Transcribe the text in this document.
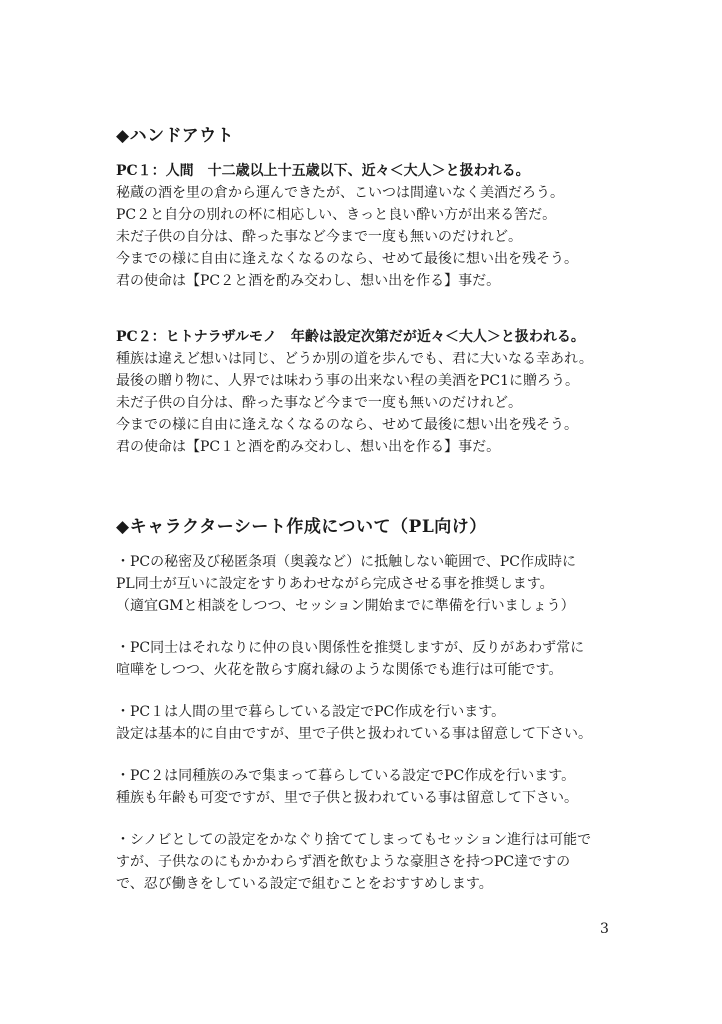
◆ハンドアウト
PC１：人間　十二歳以上十五歳以下、近々＜大人＞と扱われる。
秘蔵の酒を里の倉から運んできたが、こいつは間違いなく美酒だろう。
PC２と自分の別れの杯に相応しい、きっと良い酔い方が出来る筈だ。
未だ子供の自分は、酔った事など今まで一度も無いのだけれど。
今までの様に自由に逢えなくなるのなら、せめて最後に想い出を残そう。
君の使命は【PC２と酒を酌み交わし、想い出を作る】事だ。
PC２：ヒトナラザルモノ　年齢は設定次第だが近々＜大人＞と扱われる。
種族は違えど想いは同じ、どうか別の道を歩んでも、君に大いなる幸あれ。
最後の贈り物に、人界では味わう事の出来ない程の美酒をPC1に贈ろう。
未だ子供の自分は、酔った事など今まで一度も無いのだけれど。
今までの様に自由に逢えなくなるのなら、せめて最後に想い出を残そう。
君の使命は【PC１と酒を酌み交わし、想い出を作る】事だ。
◆キャラクターシート作成について（PL向け）
・PCの秘密及び秘匿条項（奥義など）に抵触しない範囲で、PC作成時に
PL同士が互いに設定をすりあわせながら完成させる事を推奨します。
（適宜GMと相談をしつつ、セッション開始までに準備を行いましょう）
・PC同士はそれなりに仲の良い関係性を推奨しますが、反りがあわず常に
喧嘩をしつつ、火花を散らす腐れ縁のような関係でも進行は可能です。
・PC１は人間の里で暮らしている設定でPC作成を行います。
設定は基本的に自由ですが、里で子供と扱われている事は留意して下さい。
・PC２は同種族のみで集まって暮らしている設定でPC作成を行います。
種族も年齢も可変ですが、里で子供と扱われている事は留意して下さい。
・シノビとしての設定をかなぐり捨ててしまってもセッション進行は可能で
すが、子供なのにもかかわらず酒を飲むような豪胆さを持つPC達ですの
で、忍び働きをしている設定で組むことをおすすめします。
3
